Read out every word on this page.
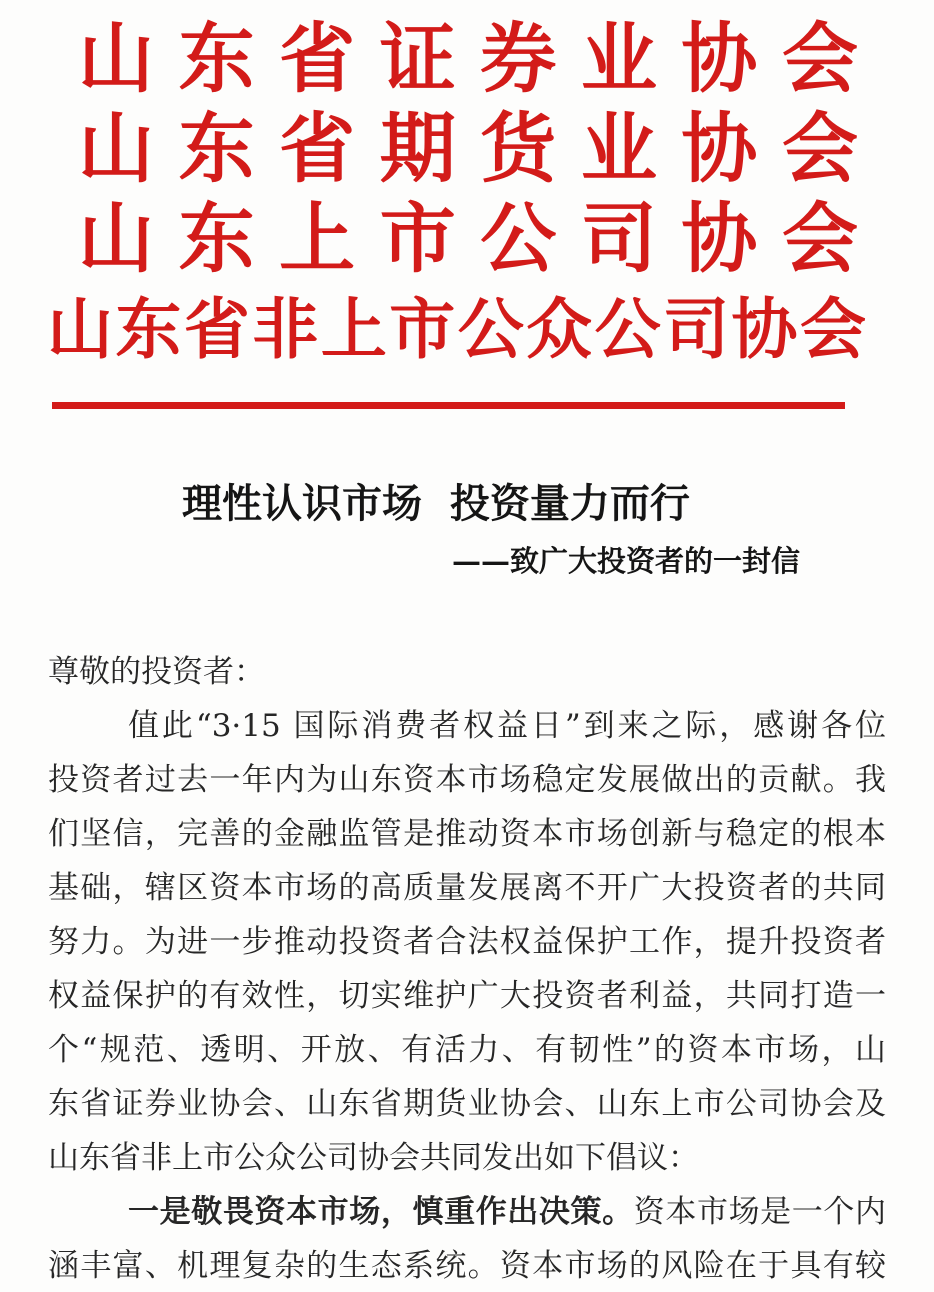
山东省证券业协会
山东省期货业协会
山东上市公司协会
山东省非上市公众公司协会
理性认识市场 投资量力而行
——致广大投资者的一封信

尊敬的投资者：

值此“3·15 国际消费者权益日”到来之际，感谢各位

投资者过去一年内为山东资本市场稳定发展做出的贡献。我

们坚信，完善的金融监管是推动资本市场创新与稳定的根本

基础，辖区资本市场的高质量发展离不开广大投资者的共同

努力。为进一步推动投资者合法权益保护工作，提升投资者

权益保护的有效性，切实维护广大投资者利益，共同打造一

个“规范、透明、开放、有活力、有韧性”的资本市场，山

东省证券业协会、山东省期货业协会、山东上市公司协会及

山东省非上市公众公司协会共同发出如下倡议：

一是敬畏资本市场，慎重作出决策。资本市场是一个内

涵丰富、机理复杂的生态系统。资本市场的风险在于具有较
